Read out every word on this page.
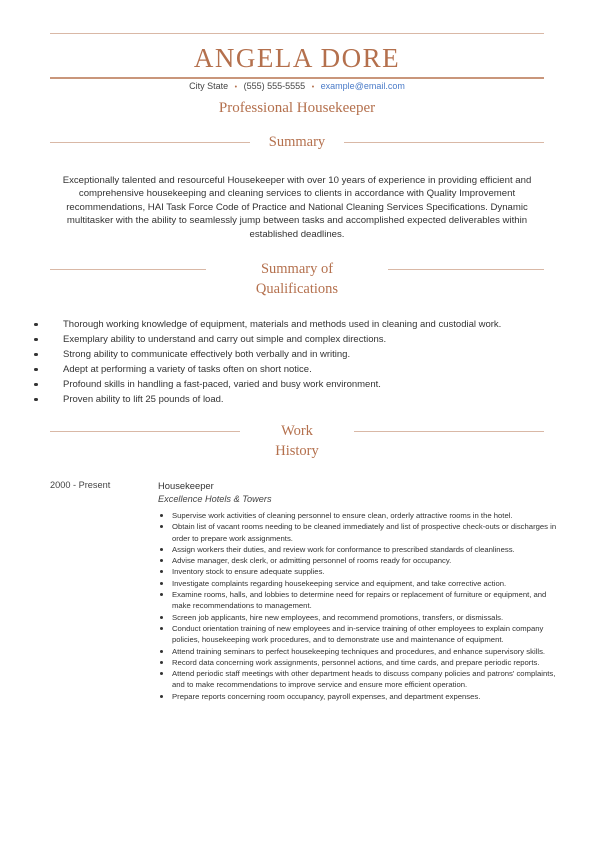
ANGELA DORE
City State • (555) 555-5555 • example@email.com
Professional Housekeeper
Summary
Exceptionally talented and resourceful Housekeeper with over 10 years of experience in providing efficient and comprehensive housekeeping and cleaning services to clients in accordance with Quality Improvement recommendations, HAI Task Force Code of Practice and National Cleaning Services Specifications. Dynamic multitasker with the ability to seamlessly jump between tasks and accomplished expected deliverables within established deadlines.
Summary of
Qualifications
Thorough working knowledge of equipment, materials and methods used in cleaning and custodial work.
Exemplary ability to understand and carry out simple and complex directions.
Strong ability to communicate effectively both verbally and in writing.
Adept at performing a variety of tasks often on short notice.
Profound skills in handling a fast-paced, varied and busy work environment.
Proven ability to lift 25 pounds of load.
Work
History
2000 - Present	Housekeeper
Excellence Hotels & Towers
Supervise work activities of cleaning personnel to ensure clean, orderly attractive rooms in the hotel.
Obtain list of vacant rooms needing to be cleaned immediately and list of prospective check-outs or discharges in order to prepare work assignments.
Assign workers their duties, and review work for conformance to prescribed standards of cleanliness.
Advise manager, desk clerk, or admitting personnel of rooms ready for occupancy.
Inventory stock to ensure adequate supplies.
Investigate complaints regarding housekeeping service and equipment, and take corrective action.
Examine rooms, halls, and lobbies to determine need for repairs or replacement of furniture or equipment, and make recommendations to management.
Screen job applicants, hire new employees, and recommend promotions, transfers, or dismissals.
Conduct orientation training of new employees and in-service training of other employees to explain company policies, housekeeping work procedures, and to demonstrate use and maintenance of equipment.
Attend training seminars to perfect housekeeping techniques and procedures, and enhance supervisory skills.
Record data concerning work assignments, personnel actions, and time cards, and prepare periodic reports.
Attend periodic staff meetings with other department heads to discuss company policies and patrons' complaints, and to make recommendations to improve service and ensure more efficient operation.
Prepare reports concerning room occupancy, payroll expenses, and department expenses.
